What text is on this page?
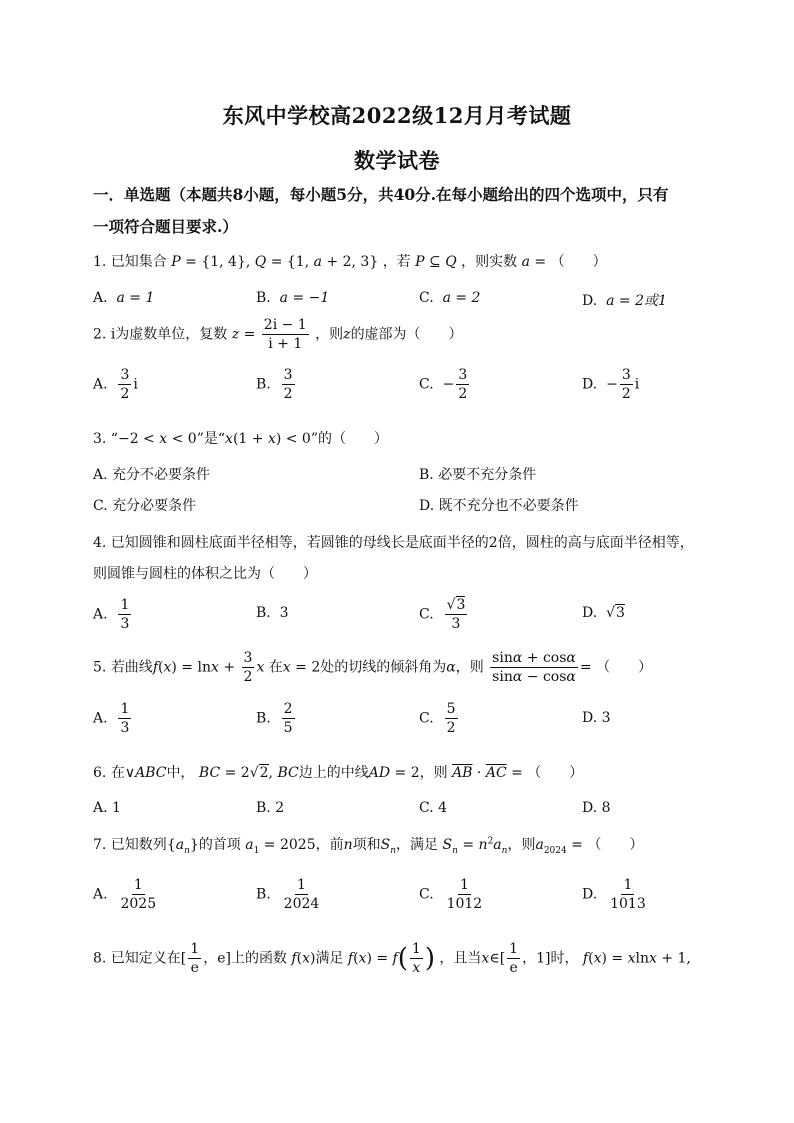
东风中学校高2022级12月月考试题
数学试卷
一．单选题（本题共8小题，每小题5分，共40分.在每小题给出的四个选项中，只有
一项符合题目要求.）
1. 已知集合 P = {1, 4}, Q = {1, a + 2, 3} ，若 P ⊆ Q ，则实数 a = （　　）
A. a = 1	B. a = −1	C. a = 2	D. a = 2或1
2. i为虚数单位，复数 $z = \frac{2i - 1}{i + 1}$ ，则z的虚部为（　　）
A. $\frac{3}{2}$ i	B. $\frac{3}{2}$	C. − $\frac{3}{2}$	D. − $\frac{3}{2}$ i
3. “−2 < x < 0”是“x(1 + x) < 0”的（　　）
A. 充分不必要条件	B. 必要不充分条件
C. 充分必要条件	D. 既不充分也不必要条件
4. 已知圆锥和圆柱底面半径相等，若圆锥的母线长是底面半径的2倍，圆柱的高与底面半径相等，
则圆锥与圆柱的体积之比为（　　）
A. $\frac{1}{3}$	B. 3	C. $\frac{√3}{3}$	D. √3
5. 若曲线$f(x) = \ln x + \frac{3}{2}$ x 在x = 2处的切线的倾斜角为α，则 $\frac{\sin\alpha + \cos\alpha}{\sin\alpha - \cos\alpha}$ = （　　）
A. $\frac{1}{3}$	B. $\frac{2}{5}$	C. $\frac{5}{2}$	D. 3
6. 在∨ABC中， BC = 2√2, BC边上的中线AD = 2，则 $\overline{AB} \cdot \overline{AC}$ = （　　）
A. 1	B. 2	C. 4	D. 8
7. 已知数列$\{a_n\}$的首项 $a_1 = 2025$，前n项和$S_n$，满足 $S_n = n^2a_n$，则$a_{2024}$ = （　　）
A. $\frac{1}{2025}$	B. $\frac{1}{2024}$	C. $\frac{1}{1012}$	D. $\frac{1}{1013}$
8. 已知定义在[ $\frac{1}{e}$ ，e]上的函数 f(x)满足 $f(x) = f( \frac{1}{x}$ ) ，且当x∈[ $\frac{1}{e}$ ，1]时， f(x) = xlnx + 1,
